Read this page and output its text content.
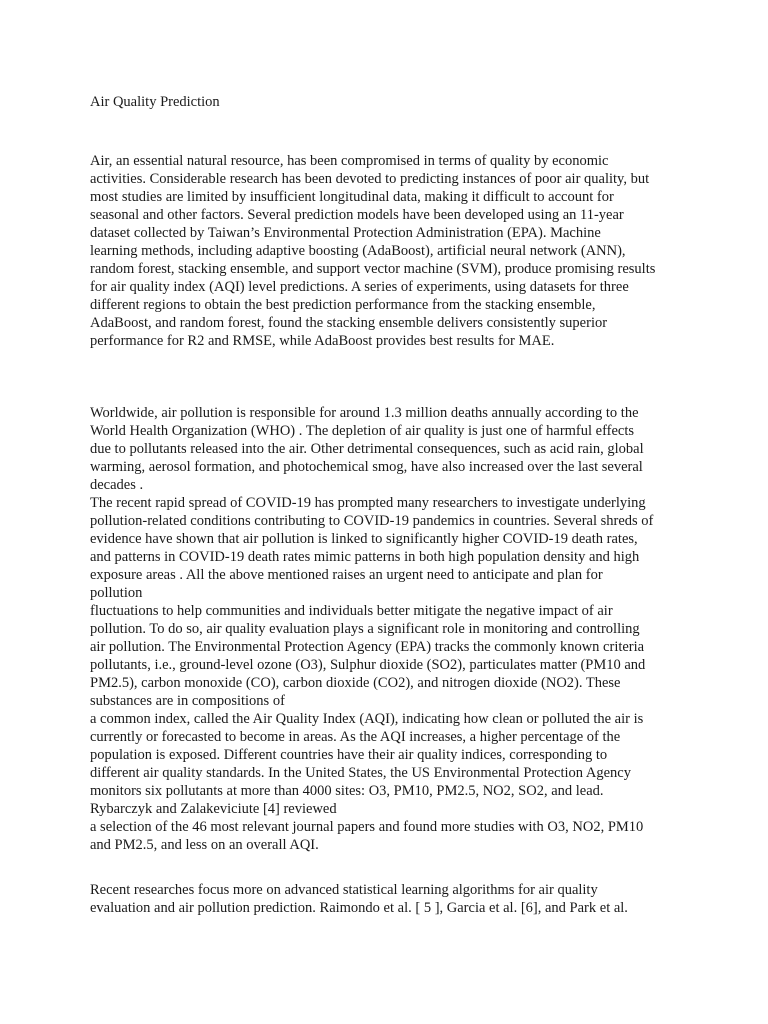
Air Quality Prediction
Air, an essential natural resource, has been compromised in terms of quality by economic
activities. Considerable research has been devoted to predicting instances of poor air quality, but
most studies are limited by insufficient longitudinal data, making it difficult to account for
seasonal and other factors. Several prediction models have been developed using an 11-year
dataset collected by Taiwan’s Environmental Protection Administration (EPA). Machine
learning methods, including adaptive boosting (AdaBoost), artificial neural network (ANN),
random forest, stacking ensemble, and support vector machine (SVM), produce promising results
for air quality index (AQI) level predictions. A series of experiments, using datasets for three
different regions to obtain the best prediction performance from the stacking ensemble,
AdaBoost, and random forest, found the stacking ensemble delivers consistently superior
performance for R2 and RMSE, while AdaBoost provides best results for MAE.
Worldwide, air pollution is responsible for around 1.3 million deaths annually according to the
World Health Organization (WHO) . The depletion of air quality is just one of harmful effects
due to pollutants released into the air. Other detrimental consequences, such as acid rain, global
warming, aerosol formation, and photochemical smog, have also increased over the last several
decades .
The recent rapid spread of COVID-19 has prompted many researchers to investigate underlying
pollution-related conditions contributing to COVID-19 pandemics in countries. Several shreds of
evidence have shown that air pollution is linked to significantly higher COVID-19 death rates,
and patterns in COVID-19 death rates mimic patterns in both high population density and high
exposure areas . All the above mentioned raises an urgent need to anticipate and plan for
pollution
fluctuations to help communities and individuals better mitigate the negative impact of air
pollution. To do so, air quality evaluation plays a significant role in monitoring and controlling
air pollution. The Environmental Protection Agency (EPA) tracks the commonly known criteria
pollutants, i.e., ground-level ozone (O3), Sulphur dioxide (SO2), particulates matter (PM10 and
PM2.5), carbon monoxide (CO), carbon dioxide (CO2), and nitrogen dioxide (NO2). These
substances are in compositions of
a common index, called the Air Quality Index (AQI), indicating how clean or polluted the air is
currently or forecasted to become in areas. As the AQI increases, a higher percentage of the
population is exposed. Different countries have their air quality indices, corresponding to
different air quality standards. In the United States, the US Environmental Protection Agency
monitors six pollutants at more than 4000 sites: O3, PM10, PM2.5, NO2, SO2, and lead.
Rybarczyk and Zalakeviciute [4] reviewed
a selection of the 46 most relevant journal papers and found more studies with O3, NO2, PM10
and PM2.5, and less on an overall AQI.
Recent researches focus more on advanced statistical learning algorithms for air quality
evaluation and air pollution prediction. Raimondo et al. [ 5 ], Garcia et al. [6], and Park et al.
